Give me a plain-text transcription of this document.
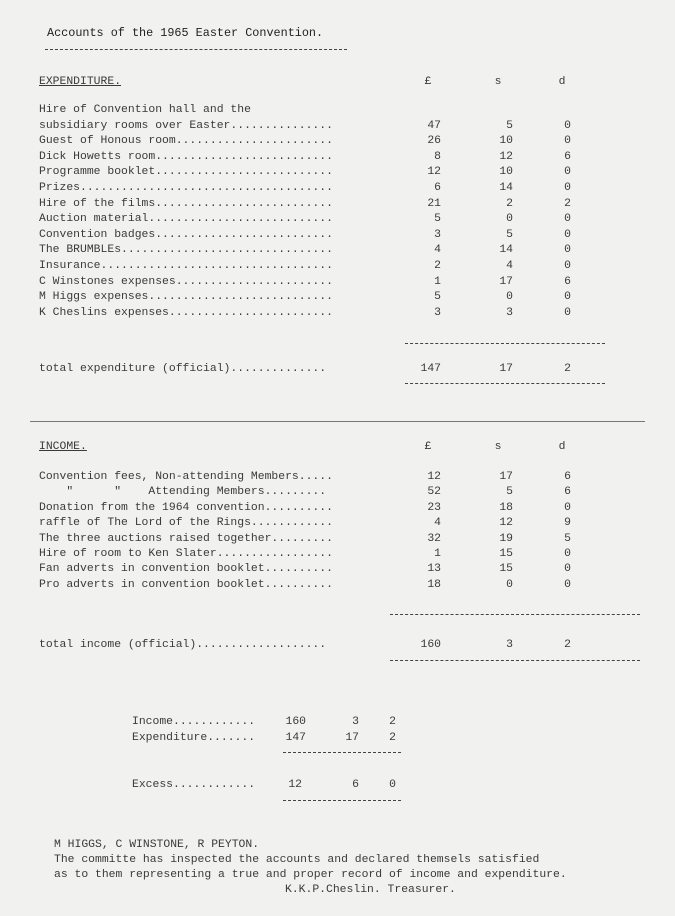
Accounts of the 1965 Easter Convention.
EXPENDITURE.	£	s	d
Hire of Convention hall and the
subsidiary rooms over Easter...............	47	5	0
Guest of Honous room.......................	26	10	0
Dick Howetts room..........................	8	12	6
Programme booklet..........................	12	10	0
Prizes.....................................	6	14	0
Hire of the films..........................	21	2	2
Auction material...........................	5	0	0
Convention badges..........................	3	5	0
The BRUMBLEs...............................	4	14	0
Insurance..................................	2	4	0
C Winstones expenses.......................	1	17	6
M Higgs expenses...........................	5	0	0
K Cheslins expenses........................	3	3	0
total expenditure (official)..............	147	17	2
INCOME.	£	s	d
Convention fees, Non-attending Members.....	12	17	6
"      "    Attending Members.........	52	5	6
Donation from the 1964 convention..........	23	18	0
raffle of The Lord of the Rings............	4	12	9
The three auctions raised together.........	32	19	5
Hire of room to Ken Slater.................	1	15	0
Fan adverts in convention booklet..........	13	15	0
Pro adverts in convention booklet..........	18	0	0
total income (official)...................	160	3	2
Income............	160	3	2
Expenditure.......	147	17	2
Excess............	12	6	0
M HIGGS, C WINSTONE, R PEYTON.
The committe has inspected the accounts and declared themsels satisfied
as to them representing a true and proper record of income and expenditure.
K.K.P.Cheslin. Treasurer.
